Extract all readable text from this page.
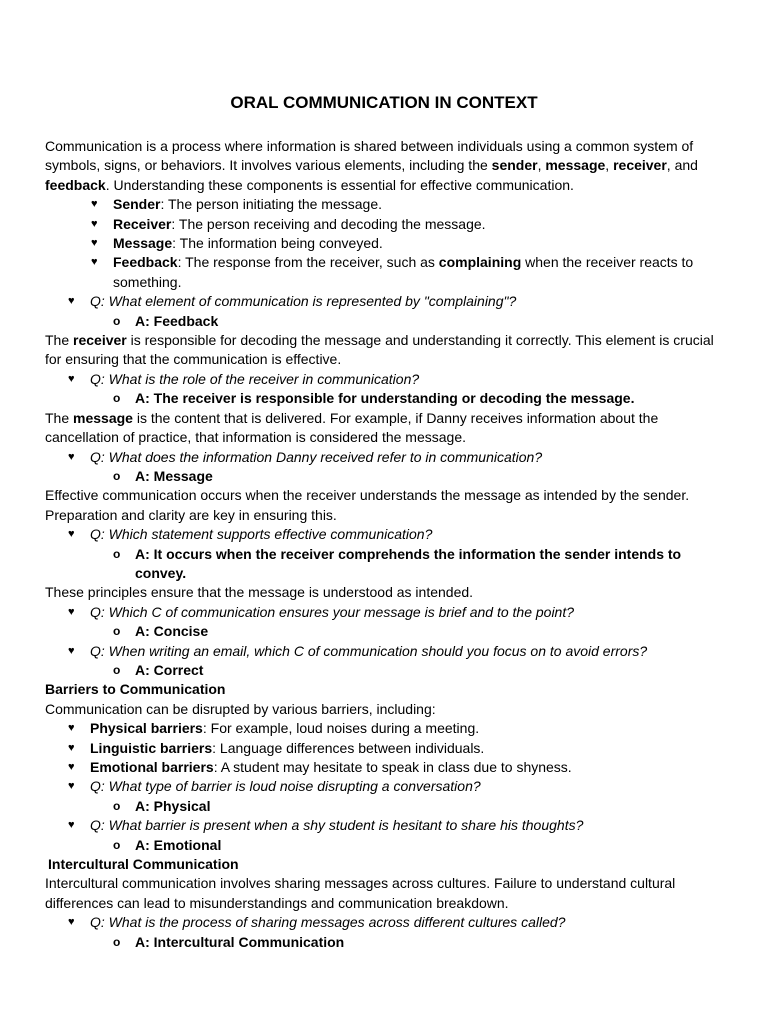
ORAL COMMUNICATION IN CONTEXT

Communication is a process where information is shared between individuals using a common system of symbols, signs, or behaviors. It involves various elements, including the sender, message, receiver, and feedback. Understanding these components is essential for effective communication.

♥ Sender: The person initiating the message.
♥ Receiver: The person receiving and decoding the message.
♥ Message: The information being conveyed.
♥ Feedback: The response from the receiver, such as complaining when the receiver reacts to something.
♥ Q: What element of communication is represented by "complaining"?
o A: Feedback

The receiver is responsible for decoding the message and understanding it correctly. This element is crucial for ensuring that the communication is effective.

♥ Q: What is the role of the receiver in communication?
o A: The receiver is responsible for understanding or decoding the message.

The message is the content that is delivered. For example, if Danny receives information about the cancellation of practice, that information is considered the message.

♥ Q: What does the information Danny received refer to in communication?
o A: Message

Effective communication occurs when the receiver understands the message as intended by the sender. Preparation and clarity are key in ensuring this.

♥ Q: Which statement supports effective communication?
o A: It occurs when the receiver comprehends the information the sender intends to convey.

These principles ensure that the message is understood as intended.

♥ Q: Which C of communication ensures your message is brief and to the point?
o A: Concise
♥ Q: When writing an email, which C of communication should you focus on to avoid errors?
o A: Correct

Barriers to Communication

Communication can be disrupted by various barriers, including:

♥ Physical barriers: For example, loud noises during a meeting.
♥ Linguistic barriers: Language differences between individuals.
♥ Emotional barriers: A student may hesitate to speak in class due to shyness.
♥ Q: What type of barrier is loud noise disrupting a conversation?
o A: Physical
♥ Q: What barrier is present when a shy student is hesitant to share his thoughts?
o A: Emotional

Intercultural Communication

Intercultural communication involves sharing messages across cultures. Failure to understand cultural differences can lead to misunderstandings and communication breakdown.

♥ Q: What is the process of sharing messages across different cultures called?
o A: Intercultural Communication
